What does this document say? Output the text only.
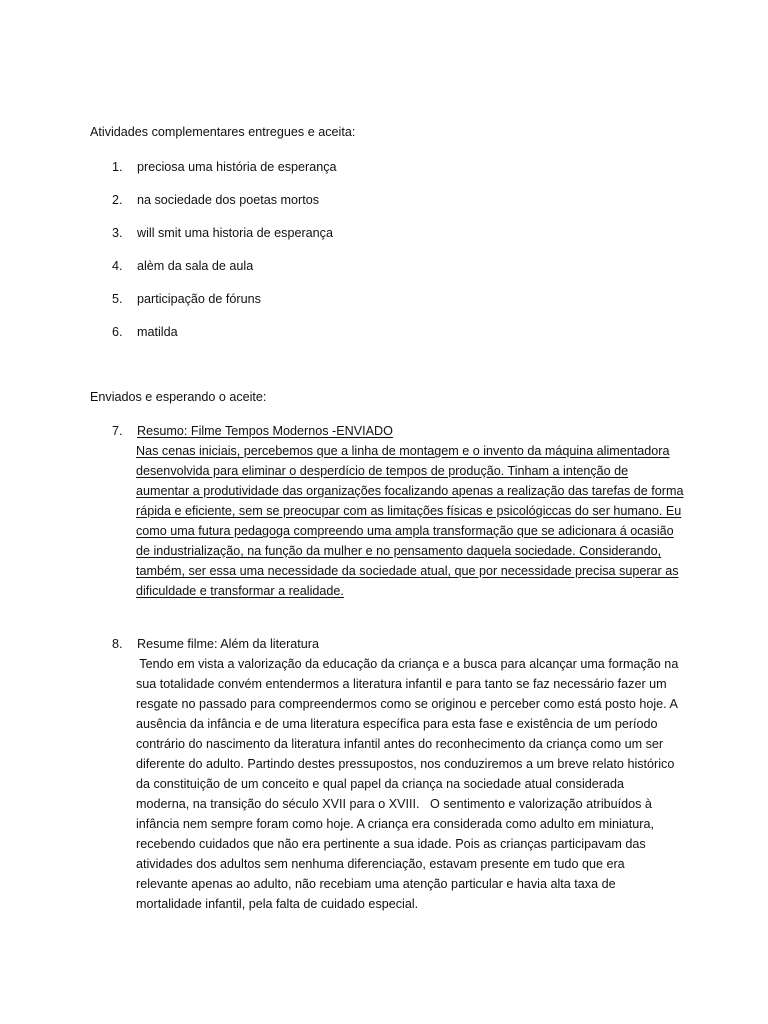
Atividades complementares entregues e aceita:
1.	preciosa uma história de esperança
2.	na sociedade dos poetas mortos
3.	will smit uma historia de esperança
4.	alèm da sala de aula
5.	participação de fóruns
6.	matilda
Enviados e esperando o aceite:
7.	Resumo: Filme Tempos Modernos -ENVIADO
Nas cenas iniciais, percebemos que a linha de montagem e o invento da máquina alimentadora
desenvolvida para eliminar o desperdício de tempos de produção. Tinham a intenção de
aumentar a produtividade das organizações focalizando apenas a realização das tarefas de forma
rápida e eficiente, sem se preocupar com as limitações físicas e psicológiccas do ser humano. Eu
como uma futura pedagoga compreendo uma ampla transformação que se adicionara á ocasião
de industrialização, na função da mulher e no pensamento daquela sociedade. Considerando,
também, ser essa uma necessidade da sociedade atual, que por necessidade precisa superar as
dificuldade e transformar a realidade.
8.	Resume filme: Além da literatura
Tendo em vista a valorização da educação da criança e a busca para alcançar uma formação na
sua totalidade convém entendermos a literatura infantil e para tanto se faz necessário fazer um
resgate no passado para compreendermos como se originou e perceber como está posto hoje. A
ausência da infância e de uma literatura específica para esta fase e existência de um período
contrário do nascimento da literatura infantil antes do reconhecimento da criança como um ser
diferente do adulto. Partindo destes pressupostos, nos conduziremos a um breve relato histórico
da constituição de um conceito e qual papel da criança na sociedade atual considerada
moderna, na transição do século XVII para o XVIII.   O sentimento e valorização atribuídos à
infância nem sempre foram como hoje. A criança era considerada como adulto em miniatura,
recebendo cuidados que não era pertinente a sua idade. Pois as crianças participavam das
atividades dos adultos sem nenhuma diferenciação, estavam presente em tudo que era
relevante apenas ao adulto, não recebiam uma atenção particular e havia alta taxa de
mortalidade infantil, pela falta de cuidado especial.
